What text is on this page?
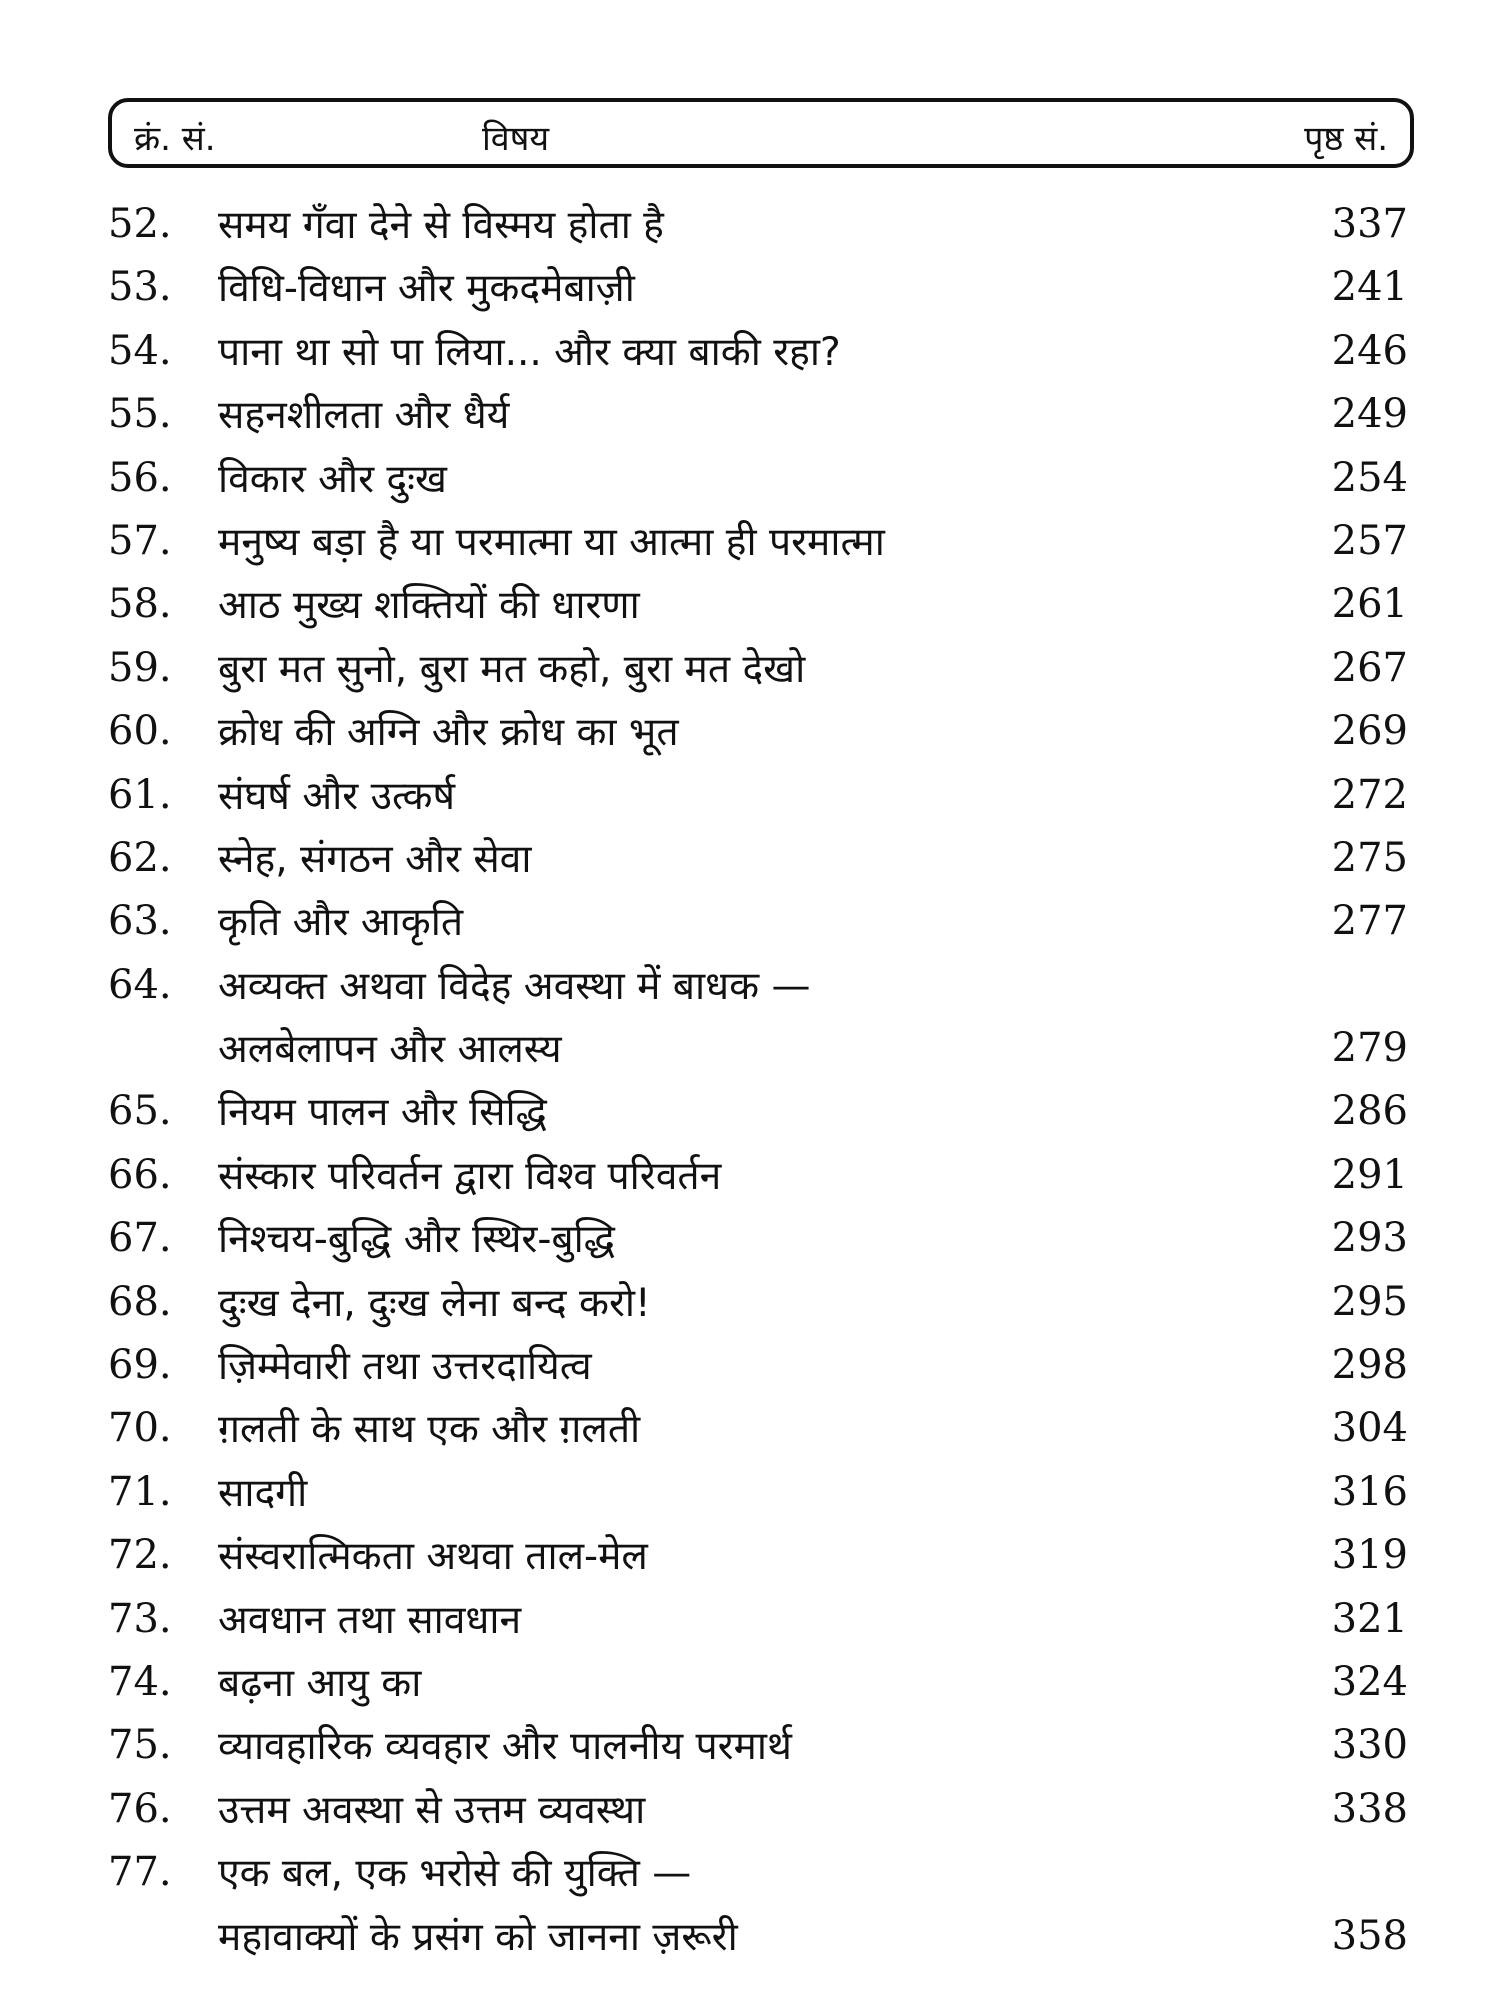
क्रं. सं.	विषय	पृष्ठ सं.
52.	समय गँवा देने से विस्मय होता है	337
53.	विधि-विधान और मुकदमेबाज़ी	241
54.	पाना था सो पा लिया... और क्या बाकी रहा?	246
55.	सहनशीलता और धैर्य	249
56.	विकार और दुःख	254
57.	मनुष्य बड़ा है या परमात्मा या आत्मा ही परमात्मा	257
58.	आठ मुख्य शक्तियों की धारणा	261
59.	बुरा मत सुनो, बुरा मत कहो, बुरा मत देखो	267
60.	क्रोध की अग्नि और क्रोध का भूत	269
61.	संघर्ष और उत्कर्ष	272
62.	स्नेह, संगठन और सेवा	275
63.	कृति और आकृति	277
64.	अव्यक्त अथवा विदेह अवस्था में बाधक —
अलबेलापन और आलस्य	279
65.	नियम पालन और सिद्धि	286
66.	संस्कार परिवर्तन द्वारा विश्व परिवर्तन	291
67.	निश्चय-बुद्धि और स्थिर-बुद्धि	293
68.	दुःख देना, दुःख लेना बन्द करो!	295
69.	ज़िम्मेवारी तथा उत्तरदायित्व	298
70.	ग़लती के साथ एक और ग़लती	304
71.	सादगी	316
72.	संस्वरात्मिकता अथवा ताल-मेल	319
73.	अवधान तथा सावधान	321
74.	बढ़ना आयु का	324
75.	व्यावहारिक व्यवहार और पालनीय परमार्थ	330
76.	उत्तम अवस्था से उत्तम व्यवस्था	338
77.	एक बल, एक भरोसे की युक्ति —
महावाक्यों के प्रसंग को जानना ज़रूरी	358
